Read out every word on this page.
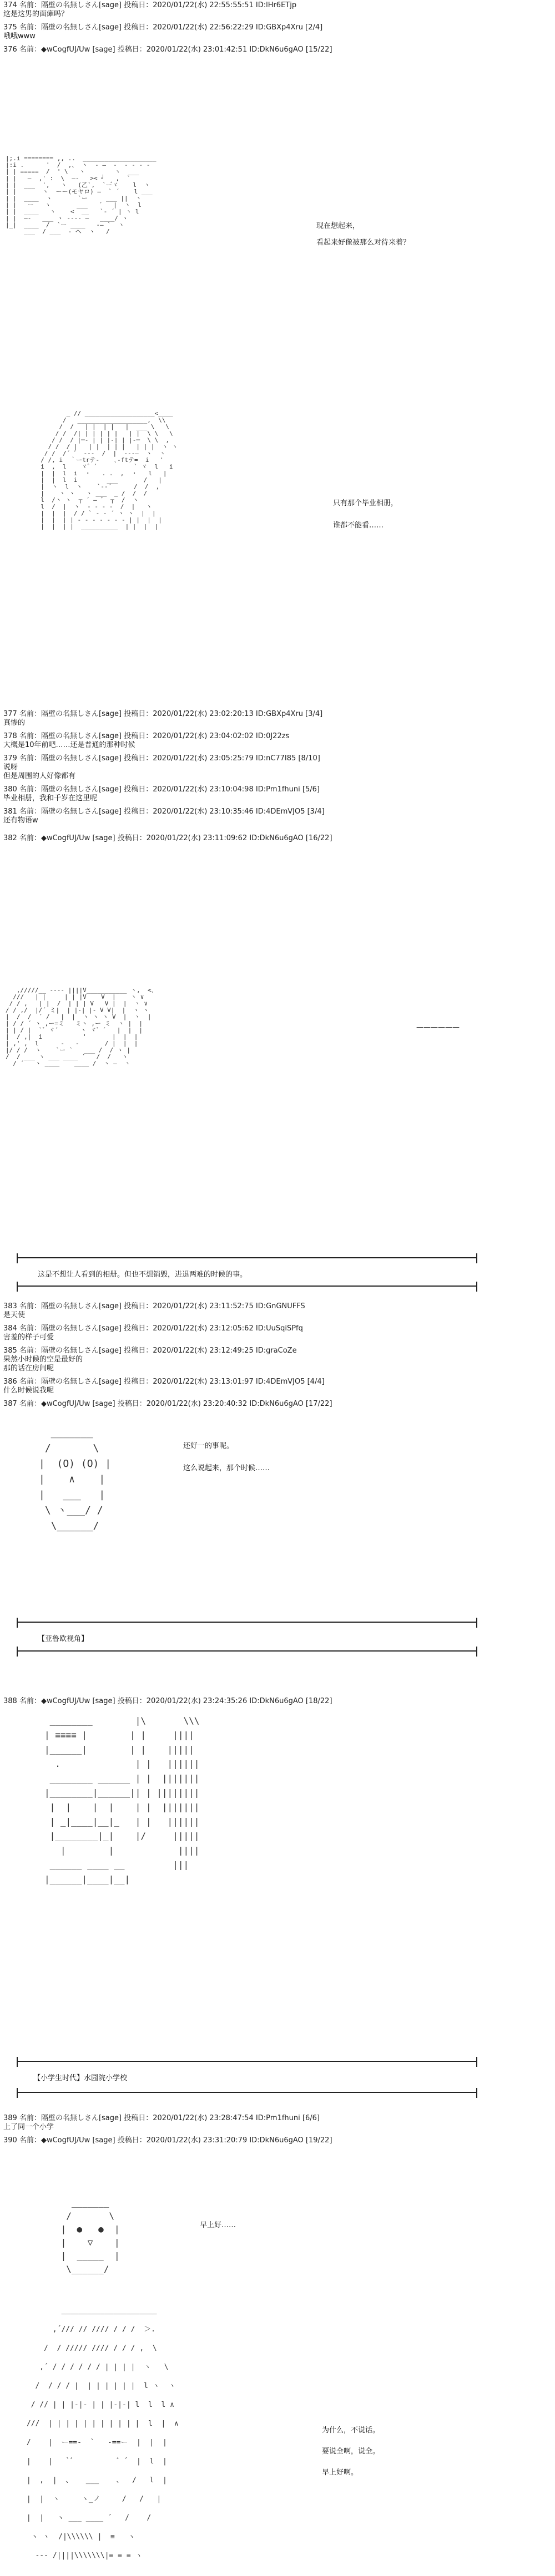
374 名前：隔壁の名無しさん[sage] 投稿日：2020/01/22(水) 22:55:55:51 ID:lHr6ETjp
这是这男的面瘫吗？
375 名前：隔壁の名無しさん[sage] 投稿日：2020/01/22(水) 22:56:22:29 ID:GBXp4Xru [2/4]
哦哦www
376 名前：◆wCogfUJ/Uw [sage] 投稿日：2020/01/22(水) 23:01:42:51 ID:DkN6u6gAO [15/22]
|;.i ======== ,, ..  ____________________
|:i .      '  /  ,、 ヽ  ‐ ―  ‐  ‐ ‐ ‐ ‐
| | =====  /  ' \   ヽ        ヽ  ___
| |   ―  ,' :  \  ―-   >< ┘   ,  `
| |  ___  ',   ヽ   (乙`,  `ー゙ヾ    l  ヽ
| |       ヽ  ーー(モヤロ) ―  ` ´    l ___
| |  ____  ヽ       `ー     ___ ||  ヽ
| |   ー   ヽ       ___   ´   |  ヽ  l
| |  ____   ヽ    <  __   `‐ ´ | ヽ l
| |  ―-   ___ ヽ ---- ―   ____/ ヽ
|_|  ____  /  `ー ____   ‐― `  ヽ
___  / ___  ‐ ヘ  ヽ   /
现在想起来，
看起来好像被那么对待来着？
_ // ___________________<____
/   ___________________,  \\
/  /   | |  | |   |  ___ \   \
/ /  /| | | | | |   | |  \ \   \
/ /  / |─‐ | | |‐| | |‐─  \ \  ,
/ /  / |   | |  | | |   | | |  ヽ ヽ
/ /  /´ ゛ ‐--  /  |  ‐--―  ヽ  ヽ
/ /, i  ｀ーtrテ‐    ､‐ftテ=  i   '
i  ,  l    ヾ゛´          ` ヾ  l   i
|  |  l  i  ・   . .  ,  ・   l   |
|  |  l  i        ___       /   |
|  ヽ  l  ヽ    `‐‐´      /  /  ,
|    ヽ ヽ   ヽ ___  _ /  /  /
l  /ヽ ヽ  ┬ ´ ― ゛ ┬  /  ヽ
l  /  |  ヽ  ‐ ‐ ‐ ‐  /  |   ヽ
|  |  |  / / ` ‐ ‐ ´ ヽ ヽ  |  |
|  |  | | ‐ ‐ ‐ ‐ ‐ ‐ ‐ | |  |  |
|  |  | |  __________  | |  |  |
只有那个毕业相册，
谁都不能看……
377 名前：隔壁の名無しさん[sage] 投稿日：2020/01/22(水) 23:02:20:13 ID:GBXp4Xru [3/4]
真惨的
378 名前：隔壁の名無しさん[sage] 投稿日：2020/01/22(水) 23:04:02:02 ID:0J22zs
大概是10年前吧……还是普通的那种时候
379 名前：隔壁の名無しさん[sage] 投稿日：2020/01/22(水) 23:05:25:79 ID:nC77I85 [8/10]
说呀
但是周围的人好像都有
380 名前：隔壁の名無しさん[sage] 投稿日：2020/01/22(水) 23:10:04:98 ID:Pm1fhuni [5/6]
毕业相册，我和千岁在这里呢
381 名前：隔壁の名無しさん[sage] 投稿日：2020/01/22(水) 23:10:35:46 ID:4DEmVJO5 [3/4]
还有物语w
382 名前：◆wCogfUJ/Uw [sage] 投稿日：2020/01/22(水) 23:11:09:62 ID:DkN6u6gAO [16/22]
,/////__ ---- ||||V___________ ヽ,  <、
///   | |     | | |V    V  |    ヽ ∨
/ / ,   | |  /  | | | V   V |  |  ヽ ∨
/ / ,/  |/´ ミ|  | |‐| |‐ V V|  |  ヽ ヽ
|  /  /  ´ /   |  |  ヽ ヽ ヽ V  |  ヽ  |
| / / ´ ヽ ,ー=ミ   ミヽ ,ー ミ  ヽ |  |
| | / |  `゛ヾ´      ヽ ヾ゛´   |  |  |
|  / ,|  i           '       |  |  |
| ,' ,  l      ‐   ‐       / |  |  |
|/ / /  ヽ    `ー `   ___ /  / ヽ |
/  / ___ ヽ ___ ____ ´   /  /   ヽ
/ ´   ヽ ____    ____ /  ヽ ―  ヽ
——————
这是不想让人看到的相册。但也不想销毁，进退两难的时候的事。
383 名前：隔壁の名無しさん[sage] 投稿日：2020/01/22(水) 23:11:52:75 ID:GnGNUFFS
是天使
384 名前：隔壁の名無しさん[sage] 投稿日：2020/01/22(水) 23:12:05:62 ID:UuSqiSPfq
害羞的样子可爱
385 名前：隔壁の名無しさん[sage] 投稿日：2020/01/22(水) 23:12:49:25 ID:graCoZe
果然小时候的空是最好的
那的话在房间呢
386 名前：隔壁の名無しさん[sage] 投稿日：2020/01/22(水) 23:13:01:97 ID:4DEmVJO5 [4/4]
什么时候说我呢
387 名前：◆wCogfUJ/Uw [sage] 投稿日：2020/01/22(水) 23:20:40:32 ID:DkN6u6gAO [17/22]
_______
/       \
|  (O) (O) |
|    ∧    |
|   ___   |
\ ヽ___/ /
\______/
还好一的事呢。
这么说起来，那个时候……
【亚鲁欧视角】
388 名前：◆wCogfUJ/Uw [sage] 投稿日：2020/01/22(水) 23:24:35:26 ID:DkN6u6gAO [18/22]
________        |\       \\\
| ≡≡≡≡ |        | |     ||||
|______|        | |    |||||
.              | |   ||||||
________ ______ | |  |||||||
|________|______|| | ||||||||
|  |    |  |    | |  |||||||
| _|____|__|_   | |   ||||||
|________|_|    |/     |||||
|        |            ||||
______ ____ __         |||
|______|____|__|
【小学生时代】水园院小学校
389 名前：隔壁の名無しさん[sage] 投稿日：2020/01/22(水) 23:28:47:54 ID:Pm1fhuni [6/6]
上了同一个小学
390 名前：◆wCogfUJ/Uw [sage] 投稿日：2020/01/22(水) 23:31:20:79 ID:DkN6u6gAO [19/22]
_______
/       \
|  ●   ●  |
|    ▽    |
|  _____  |
\______/
早上好……
______________________
,´/// // //// / / /  ＞.
/  / ///// //// / / / ,  \
,´ / / / / / / | | | |  ヽ   \
/  / / / |  | | | | | |  l ヽ  ヽ
/ // | | |‐|‐ | | |‐|‐| l  l  l ∧
///  | | | | | | | | | | |  l  |  ∧
/    |  ー==-  `   -==ー  |  |  |
|    |   `゛         ゛´  |  l  |
|  ,  |  、   ___    、  /   l  |
|  |  ヽ     ヽ_ノ     /   /   |
|  |   ヽ ___ ____ ´   /    /
ヽ ヽ  /|\\\\\\ |  ≡   ヽ
‐‐‐ /||||\\\\\\\|≡ ≡ ≡ ヽ
为什么，不说话。
要说全啊，说全。
早上好啊。
